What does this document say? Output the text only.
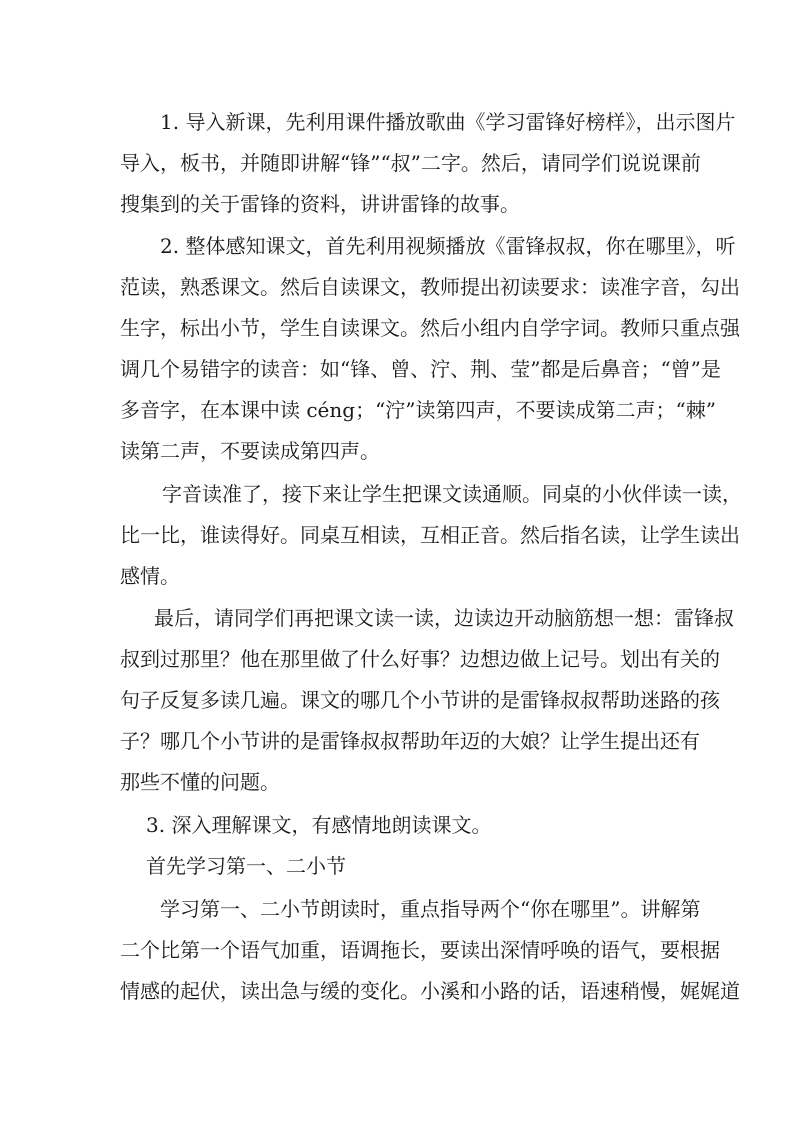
1. 导入新课，先利用课件播放歌曲《学习雷锋好榜样》，出示图片
导入，板书，并随即讲解“锋”“叔”二字。然后，请同学们说说课前
搜集到的关于雷锋的资料，讲讲雷锋的故事。
2. 整体感知课文，首先利用视频播放《雷锋叔叔，你在哪里》，听
范读，熟悉课文。然后自读课文，教师提出初读要求：读准字音，勾出
生字，标出小节，学生自读课文。然后小组内自学字词。教师只重点强
调几个易错字的读音：如“锋、曾、泞、荆、莹”都是后鼻音；“曾”是
多音字，在本课中读 céng；“泞”读第四声，不要读成第二声；“棘”
读第二声，不要读成第四声。
字音读准了，接下来让学生把课文读通顺。同桌的小伙伴读一读，
比一比，谁读得好。同桌互相读，互相正音。然后指名读，让学生读出
感情。
最后，请同学们再把课文读一读，边读边开动脑筋想一想：雷锋叔
叔到过那里？他在那里做了什么好事？边想边做上记号。划出有关的
句子反复多读几遍。课文的哪几个小节讲的是雷锋叔叔帮助迷路的孩
子？哪几个小节讲的是雷锋叔叔帮助年迈的大娘？让学生提出还有
那些不懂的问题。
3. 深入理解课文，有感情地朗读课文。
首先学习第一、二小节
学习第一、二小节朗读时，重点指导两个“你在哪里”。讲解第
二个比第一个语气加重，语调拖长，要读出深情呼唤的语气，要根据
情感的起伏，读出急与缓的变化。小溪和小路的话，语速稍慢，娓娓道
